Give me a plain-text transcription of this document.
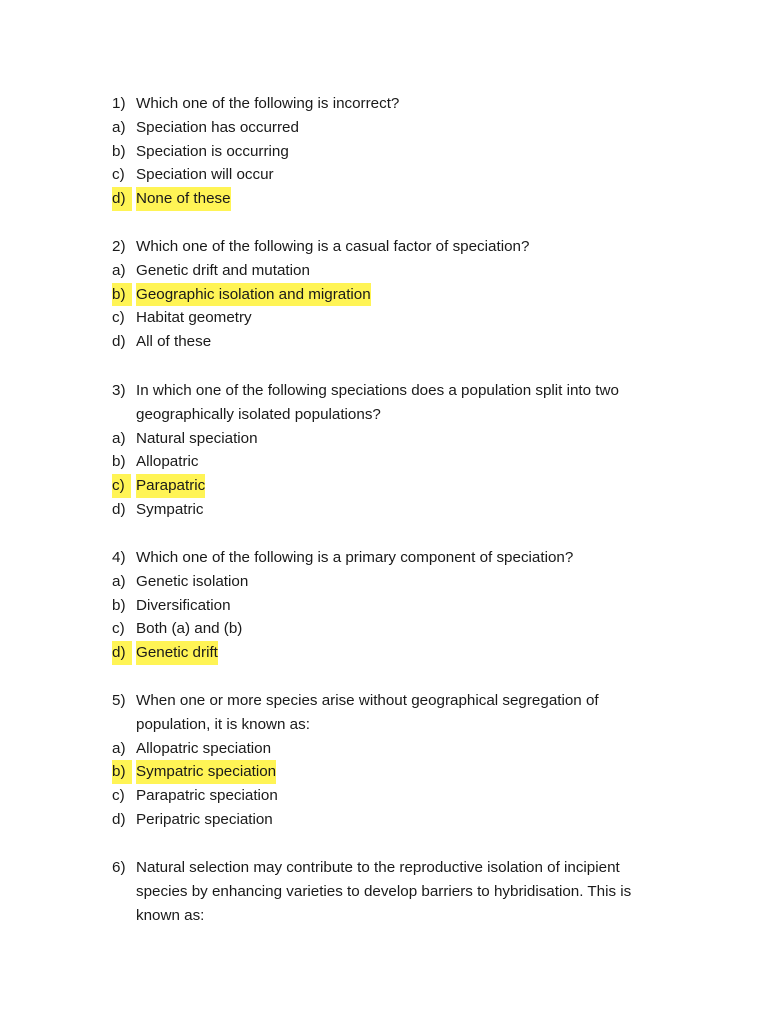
1) Which one of the following is incorrect?
a) Speciation has occurred
b) Speciation is occurring
c) Speciation will occur
d) None of these
2) Which one of the following is a casual factor of speciation?
a) Genetic drift and mutation
b) Geographic isolation and migration
c) Habitat geometry
d) All of these
3) In which one of the following speciations does a population split into two
geographically isolated populations?
a) Natural speciation
b) Allopatric
c) Parapatric
d) Sympatric
4) Which one of the following is a primary component of speciation?
a) Genetic isolation
b) Diversification
c) Both (a) and (b)
d) Genetic drift
5) When one or more species arise without geographical segregation of
population, it is known as:
a) Allopatric speciation
b) Sympatric speciation
c) Parapatric speciation
d) Peripatric speciation
6) Natural selection may contribute to the reproductive isolation of incipient
species by enhancing varieties to develop barriers to hybridisation. This is
known as:
